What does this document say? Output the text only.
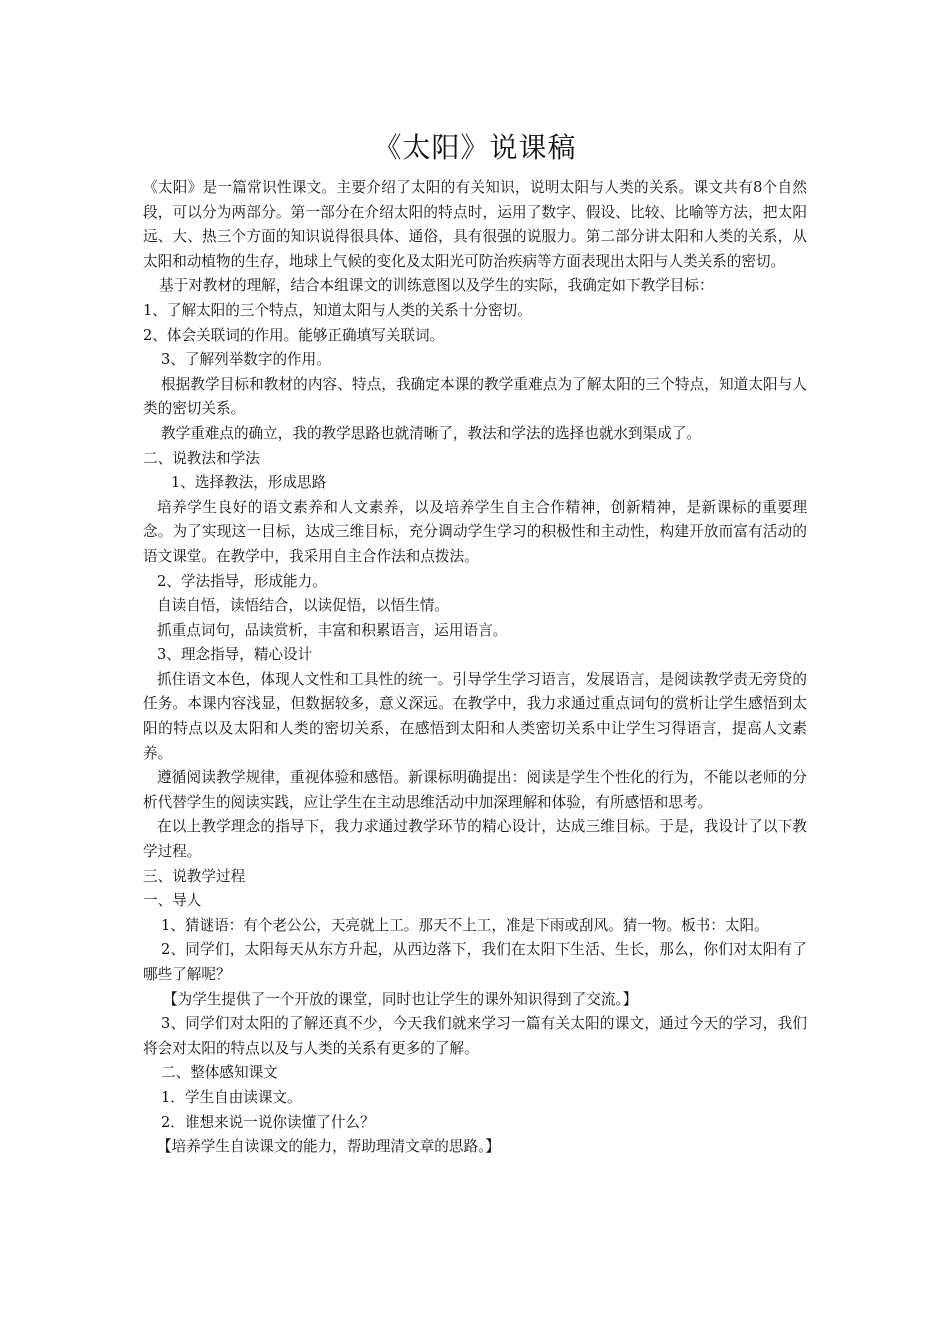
《太阳》说课稿

《太阳》是一篇常识性课文。主要介绍了太阳的有关知识，说明太阳与人类的关系。课文共有8个自然段，可以分为两部分。第一部分在介绍太阳的特点时，运用了数字、假设、比较、比喻等方法，把太阳远、大、热三个方面的知识说得很具体、通俗，具有很强的说服力。第二部分讲太阳和人类的关系，从太阳和动植物的生存，地球上气候的变化及太阳光可防治疾病等方面表现出太阳与人类关系的密切。

基于对教材的理解，结合本组课文的训练意图以及学生的实际，我确定如下教学目标：

1、了解太阳的三个特点，知道太阳与人类的关系十分密切。

2、体会关联词的作用。能够正确填写关联词。

3、了解列举数字的作用。

根据教学目标和教材的内容、特点，我确定本课的教学重难点为了解太阳的三个特点，知道太阳与人类的密切关系。

教学重难点的确立，我的教学思路也就清晰了，教法和学法的选择也就水到渠成了。

二、说教法和学法

1、选择教法，形成思路

培养学生良好的语文素养和人文素养，以及培养学生自主合作精神，创新精神，是新课标的重要理念。为了实现这一目标，达成三维目标，充分调动学生学习的积极性和主动性，构建开放而富有活动的语文课堂。在教学中，我采用自主合作法和点拨法。

2、学法指导，形成能力。

自读自悟，读悟结合，以读促悟，以悟生情。

抓重点词句，品读赏析，丰富和积累语言，运用语言。

3、理念指导，精心设计

抓住语文本色，体现人文性和工具性的统一。引导学生学习语言，发展语言，是阅读教学责无旁贷的任务。本课内容浅显，但数据较多，意义深远。在教学中，我力求通过重点词句的赏析让学生感悟到太阳的特点以及太阳和人类的密切关系，在感悟到太阳和人类密切关系中让学生习得语言，提高人文素养。

遵循阅读教学规律，重视体验和感悟。新课标明确提出：阅读是学生个性化的行为，不能以老师的分析代替学生的阅读实践，应让学生在主动思维活动中加深理解和体验，有所感悟和思考。

在以上教学理念的指导下，我力求通过教学环节的精心设计，达成三维目标。于是，我设计了以下教学过程。

三、说教学过程

一、导人

1、猜谜语：有个老公公，天亮就上工。那天不上工，准是下雨或刮风。猜一物。板书：太阳。

2、同学们，太阳每天从东方升起，从西边落下，我们在太阳下生活、生长，那么，你们对太阳有了哪些了解呢？

【为学生提供了一个开放的课堂，同时也让学生的课外知识得到了交流。】

3、同学们对太阳的了解还真不少，今天我们就来学习一篇有关太阳的课文，通过今天的学习，我们将会对太阳的特点以及与人类的关系有更多的了解。

二、整体感知课文

1．学生自由读课文。

2．谁想来说一说你读懂了什么？

【培养学生自读课文的能力，帮助理清文章的思路。】
